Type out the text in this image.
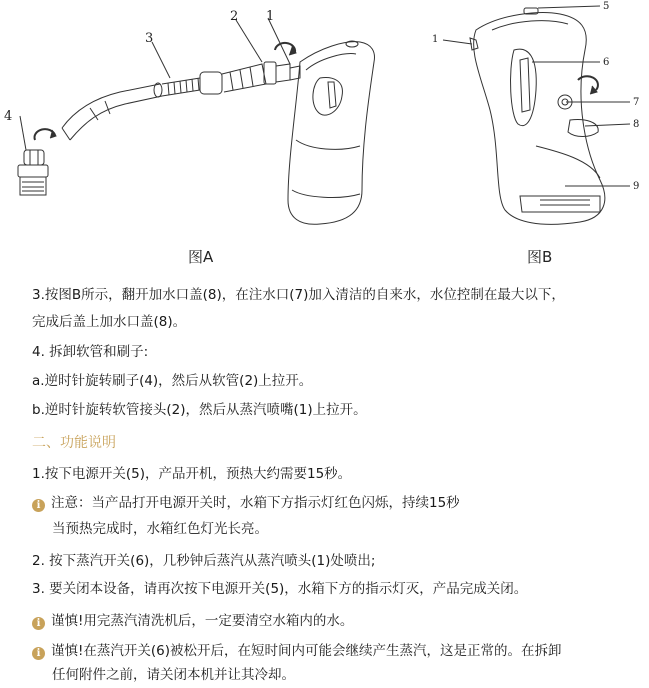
1
2
3
4
1
5
6
7
8
9
图A	图B
3.按图B所示，翻开加水口盖(8)，在注水口(7)加入清洁的自来水，水位控制在最大以下，
完成后盖上加水口盖(8)。
4. 拆卸软管和刷子:
a.逆时针旋转刷子(4)，然后从软管(2)上拉开。
b.逆时针旋转软管接头(2)，然后从蒸汽喷嘴(1)上拉开。
二、功能说明
1.按下电源开关(5)，产品开机，预热大约需要15秒。
i 注意：当产品打开电源开关时，水箱下方指示灯红色闪烁，持续15秒
当预热完成时，水箱红色灯光长亮。
2. 按下蒸汽开关(6)，几秒钟后蒸汽从蒸汽喷头(1)处喷出;
3. 要关闭本设备，请再次按下电源开关(5)，水箱下方的指示灯灭，产品完成关闭。
i 谨慎!用完蒸汽清洗机后，一定要清空水箱内的水。
i 谨慎!在蒸汽开关(6)被松开后，在短时间内可能会继续产生蒸汽，这是正常的。在拆卸
任何附件之前，请关闭本机并让其冷却。
